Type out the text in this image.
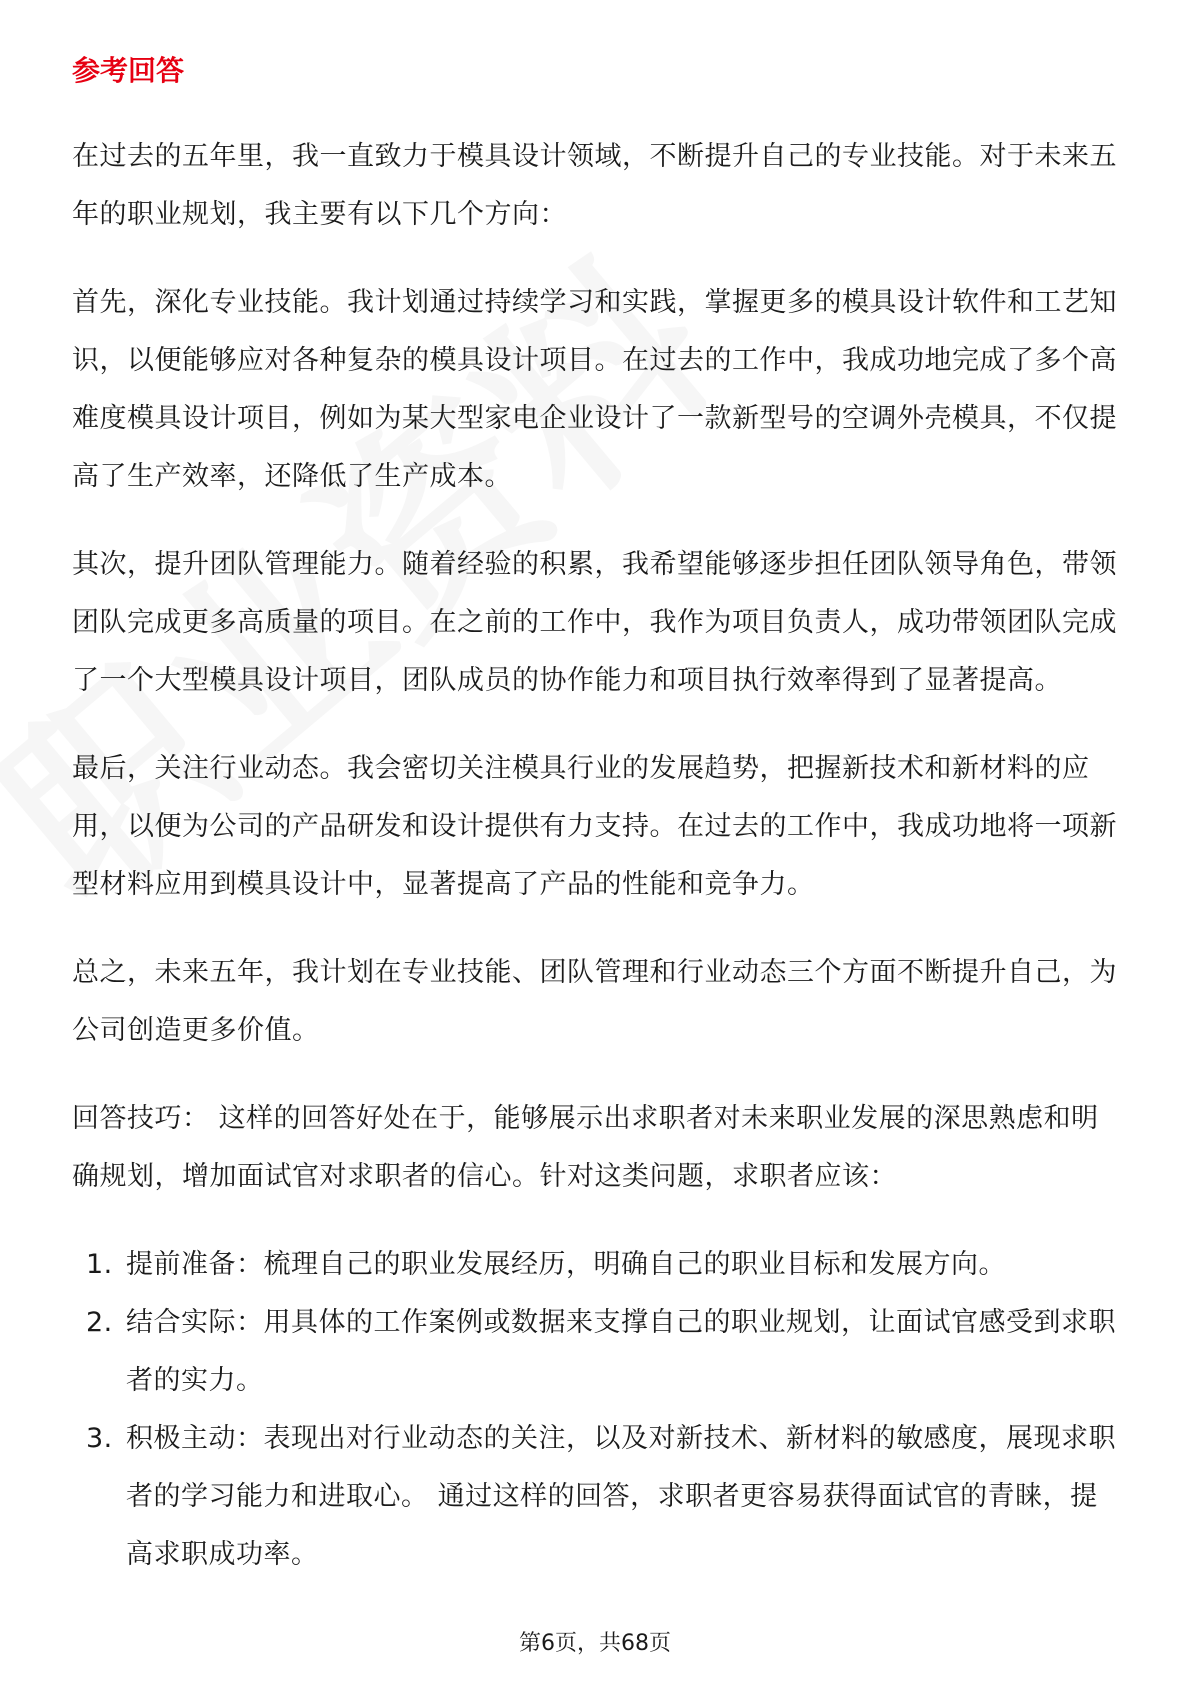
参考回答

在过去的五年里，我一直致力于模具设计领域，不断提升自己的专业技能。对于未来五年的职业规划，我主要有以下几个方向：

首先，深化专业技能。我计划通过持续学习和实践，掌握更多的模具设计软件和工艺知识，以便能够应对各种复杂的模具设计项目。在过去的工作中，我成功地完成了多个高难度模具设计项目，例如为某大型家电企业设计了一款新型号的空调外壳模具，不仅提高了生产效率，还降低了生产成本。

其次，提升团队管理能力。随着经验的积累，我希望能够逐步担任团队领导角色，带领团队完成更多高质量的项目。在之前的工作中，我作为项目负责人，成功带领团队完成了一个大型模具设计项目，团队成员的协作能力和项目执行效率得到了显著提高。

最后，关注行业动态。我会密切关注模具行业的发展趋势，把握新技术和新材料的应用，以便为公司的产品研发和设计提供有力支持。在过去的工作中，我成功地将一项新型材料应用到模具设计中，显著提高了产品的性能和竞争力。

总之，未来五年，我计划在专业技能、团队管理和行业动态三个方面不断提升自己，为公司创造更多价值。

回答技巧： 这样的回答好处在于，能够展示出求职者对未来职业发展的深思熟虑和明确规划，增加面试官对求职者的信心。针对这类问题，求职者应该：

1. 提前准备：梳理自己的职业发展经历，明确自己的职业目标和发展方向。
2. 结合实际：用具体的工作案例或数据来支撑自己的职业规划，让面试官感受到求职者的实力。
3. 积极主动：表现出对行业动态的关注，以及对新技术、新材料的敏感度，展现求职者的学习能力和进取心。 通过这样的回答，求职者更容易获得面试官的青睐，提高求职成功率。
第6页，共68页
